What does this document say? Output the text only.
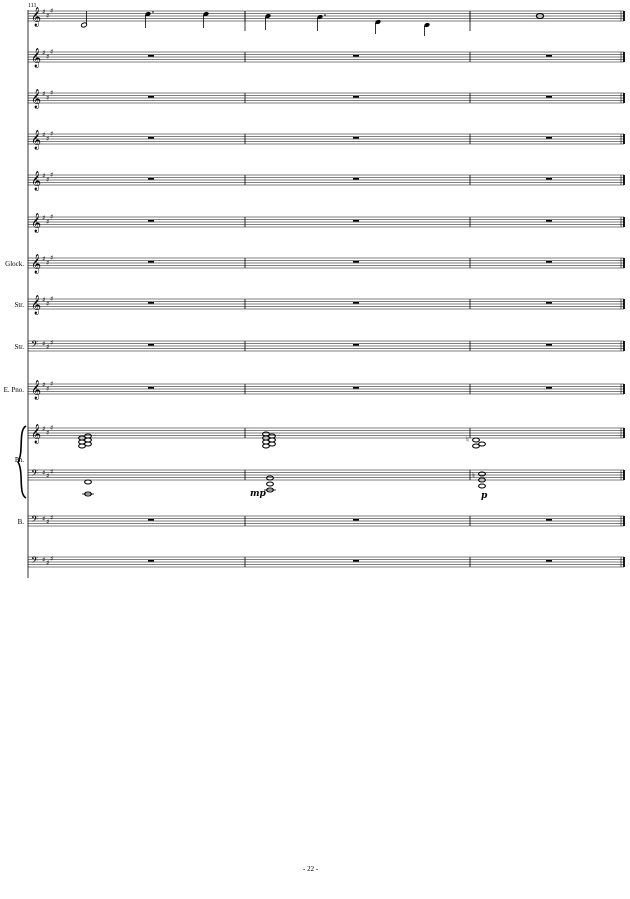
111
𝄞 ♯ ♯
♯
𝄞 ♯ ♯
♯
𝄞 ♯ ♯
♯
𝄞 ♯ ♯
♯
𝄞 ♯ ♯
♯
𝄞 ♯ ♯
♯
𝄞 ♯ ♯
♯
Glock.
𝄞 ♯ ♯
♯
Str.
𝄢 ♯ ♯ ♯
Str.
𝄞 ♯ ♯
♯
E. Pno.
𝄞 ♯ ♯
♯
Pn.
𝄢 ♯ ♯ ♯
𝄢 ♯ ♯ ♯
B.
𝄢 ♯ ♯ ♯
♮
♮
mp	p
- 22 -
